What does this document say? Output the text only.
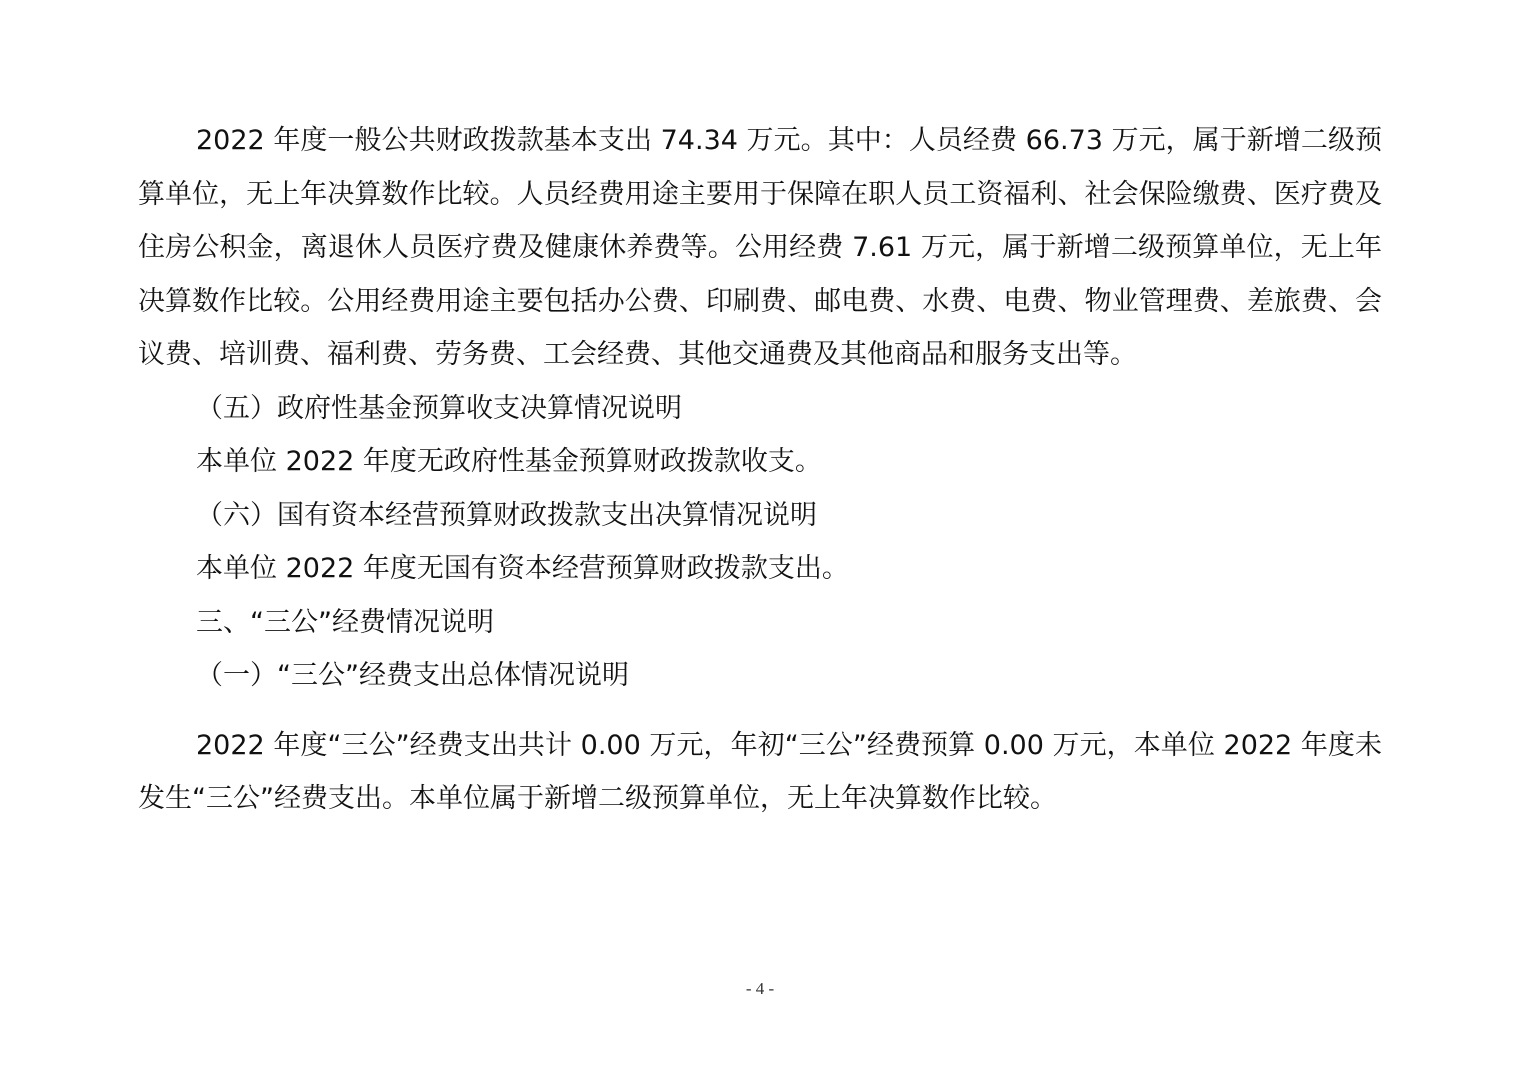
2022 年度一般公共财政拨款基本支出 74.34 万元。其中：人员经费 66.73 万元，属于新增二级预算单位，无上年决算数作比较。人员经费用途主要用于保障在职人员工资福利、社会保险缴费、医疗费及住房公积金，离退休人员医疗费及健康休养费等。公用经费 7.61 万元，属于新增二级预算单位，无上年决算数作比较。公用经费用途主要包括办公费、印刷费、邮电费、水费、电费、物业管理费、差旅费、会议费、培训费、福利费、劳务费、工会经费、其他交通费及其他商品和服务支出等。

（五）政府性基金预算收支决算情况说明

本单位 2022 年度无政府性基金预算财政拨款收支。

（六）国有资本经营预算财政拨款支出决算情况说明

本单位 2022 年度无国有资本经营预算财政拨款支出。

三、“三公”经费情况说明

（一）“三公”经费支出总体情况说明

2022 年度“三公”经费支出共计 0.00 万元，年初“三公”经费预算 0.00 万元，本单位 2022 年度未发生“三公”经费支出。本单位属于新增二级预算单位，无上年决算数作比较。

- 4 -
